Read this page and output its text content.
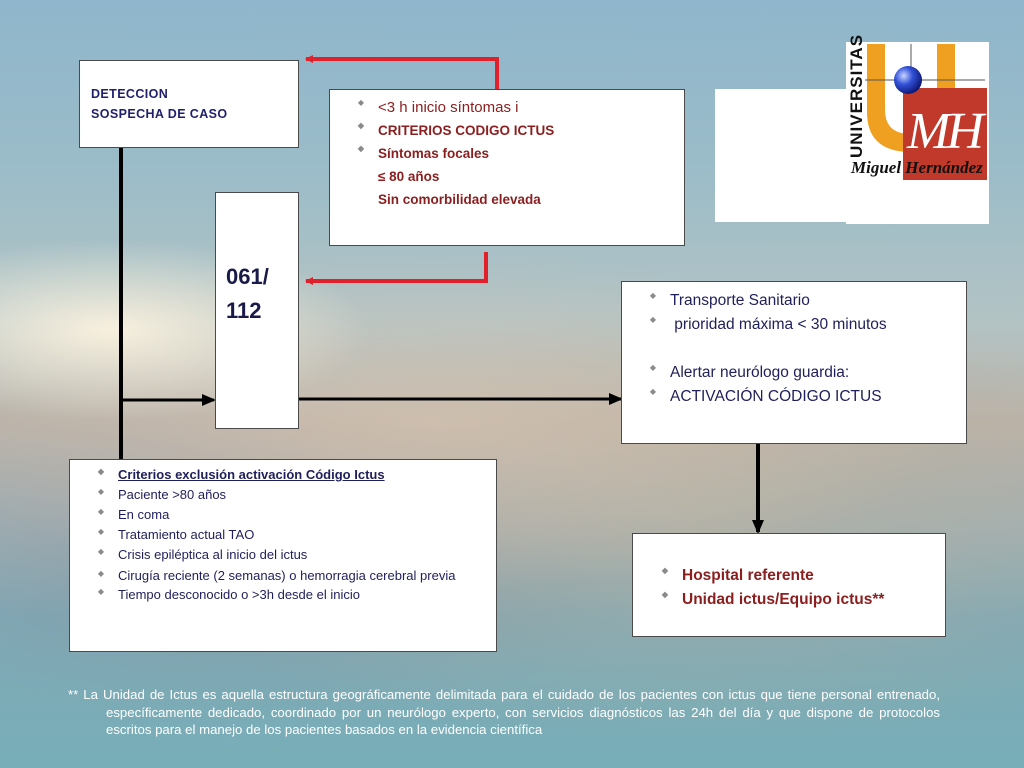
DETECCION
SOSPECHA DE CASO
◆ <3 h inicio síntomas i
◆ CRITERIOS CODIGO ICTUS
◆ Síntomas focales
≤ 80 años
Sin comorbilidad elevada
061/
112
◆ Transporte Sanitario
◆ prioridad máxima < 30 minutos
◆ Alertar neurólogo guardia:
◆ ACTIVACIÓN CÓDIGO ICTUS
◆ Criterios exclusión activación Código Ictus
◆ Paciente >80 años
◆ En coma
◆ Tratamiento actual TAO
◆ Crisis epiléptica al inicio del ictus
◆ Cirugía reciente (2 semanas) o hemorragia cerebral previa
◆ Tiempo desconocido o >3h desde el inicio
◆ Hospital referente
◆ Unidad ictus/Equipo ictus**
UNIVERSITAS MH
Miguel Hernández
** La Unidad de Ictus es aquella estructura geográficamente delimitada para el cuidado de los pacientes con ictus que tiene personal entrenado, específicamente dedicado, coordinado por un neurólogo experto, con servicios diagnósticos las 24h del día y que dispone de protocolos escritos para el manejo de los pacientes basados en la evidencia científica
